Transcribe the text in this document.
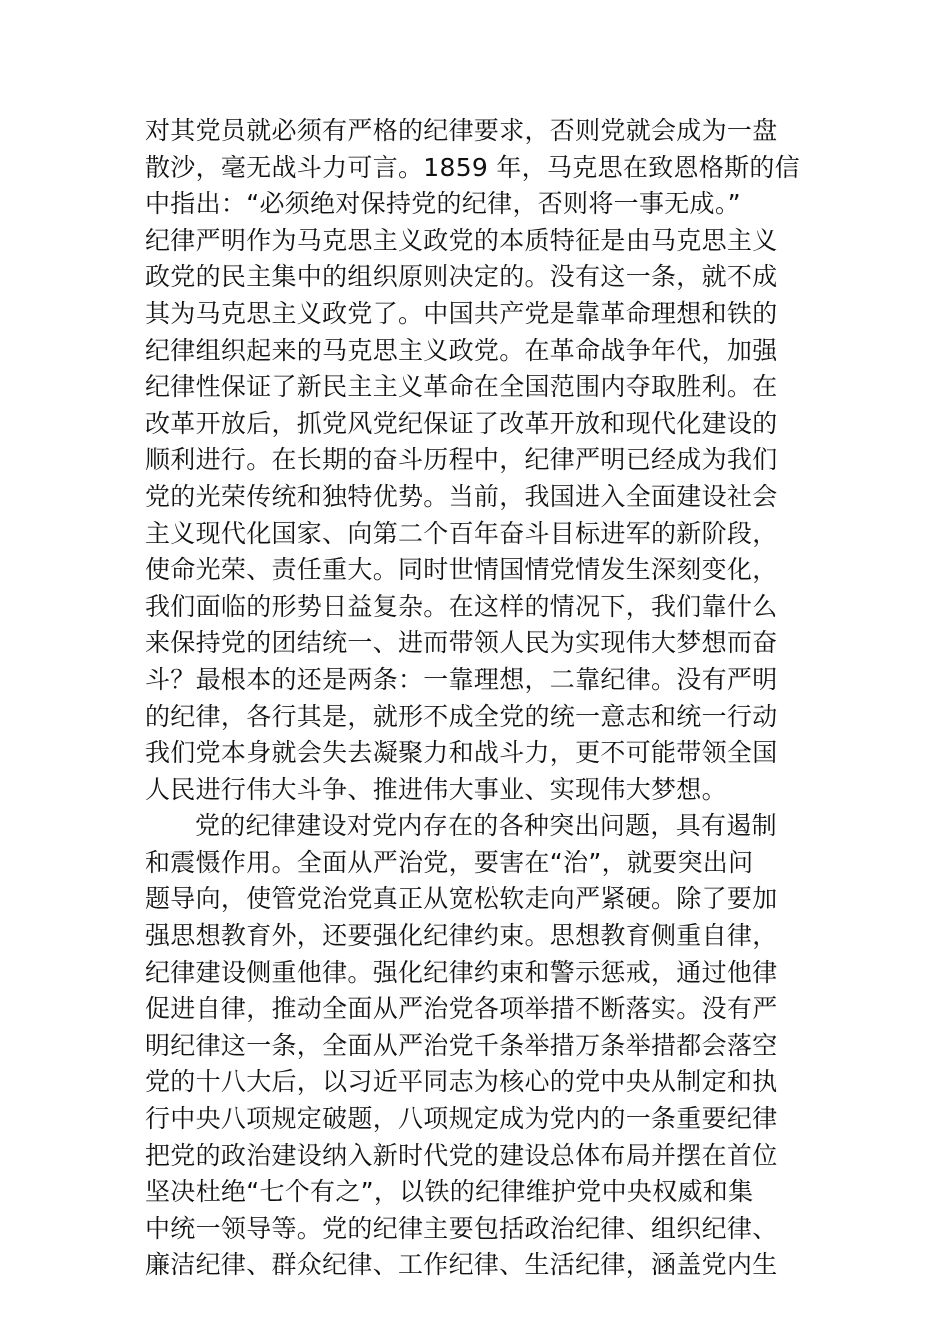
对其党员就必须有严格的纪律要求，否则党就会成为一盘
散沙，毫无战斗力可言。1859 年，马克思在致恩格斯的信
中指出：“必须绝对保持党的纪律，否则将一事无成。”
纪律严明作为马克思主义政党的本质特征是由马克思主义
政党的民主集中的组织原则决定的。没有这一条，就不成
其为马克思主义政党了。中国共产党是靠革命理想和铁的
纪律组织起来的马克思主义政党。在革命战争年代，加强
纪律性保证了新民主主义革命在全国范围内夺取胜利。在
改革开放后，抓党风党纪保证了改革开放和现代化建设的
顺利进行。在长期的奋斗历程中，纪律严明已经成为我们
党的光荣传统和独特优势。当前，我国进入全面建设社会
主义现代化国家、向第二个百年奋斗目标进军的新阶段，
使命光荣、责任重大。同时世情国情党情发生深刻变化，
我们面临的形势日益复杂。在这样的情况下，我们靠什么
来保持党的团结统一、进而带领人民为实现伟大梦想而奋
斗？最根本的还是两条：一靠理想，二靠纪律。没有严明
的纪律，各行其是，就形不成全党的统一意志和统一行动
我们党本身就会失去凝聚力和战斗力，更不可能带领全国
人民进行伟大斗争、推进伟大事业、实现伟大梦想。
党的纪律建设对党内存在的各种突出问题，具有遏制
和震慑作用。全面从严治党，要害在“治”，就要突出问
题导向，使管党治党真正从宽松软走向严紧硬。除了要加
强思想教育外，还要强化纪律约束。思想教育侧重自律，
纪律建设侧重他律。强化纪律约束和警示惩戒，通过他律
促进自律，推动全面从严治党各项举措不断落实。没有严
明纪律这一条，全面从严治党千条举措万条举措都会落空
党的十八大后，以习近平同志为核心的党中央从制定和执
行中央八项规定破题，八项规定成为党内的一条重要纪律
把党的政治建设纳入新时代党的建设总体布局并摆在首位
坚决杜绝“七个有之”，以铁的纪律维护党中央权威和集
中统一领导等。党的纪律主要包括政治纪律、组织纪律、
廉洁纪律、群众纪律、工作纪律、生活纪律，涵盖党内生
